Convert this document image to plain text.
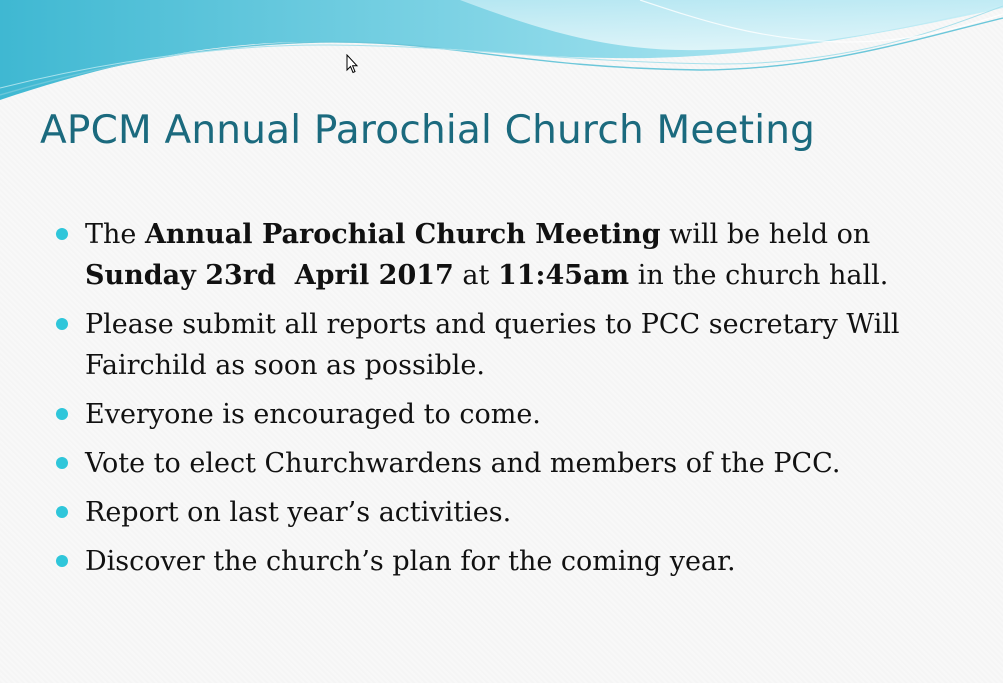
APCM Annual Parochial Church Meeting
The Annual Parochial Church Meeting will be held on Sunday 23rd  April 2017 at 11:45am in the church hall.
Please submit all reports and queries to PCC secretary Will Fairchild as soon as possible.
Everyone is encouraged to come.
Vote to elect Churchwardens and members of the PCC.
Report on last year’s activities.
Discover the church’s plan for the coming year.
